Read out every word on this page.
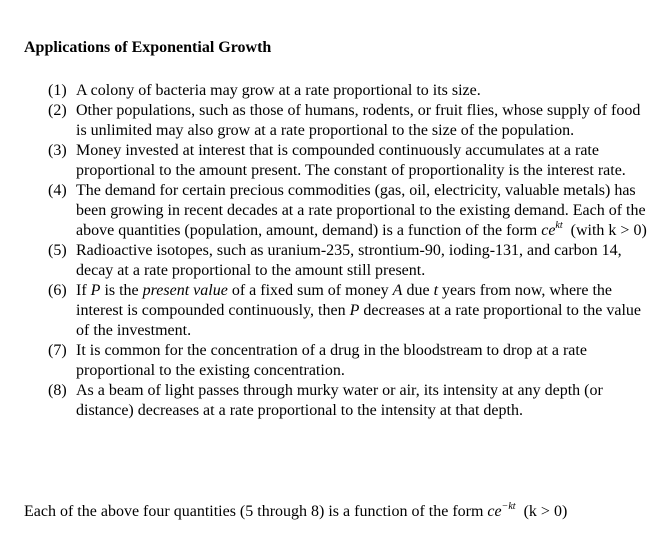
Applications of Exponential Growth
(1) A colony of bacteria may grow at a rate proportional to its size.
(2) Other populations, such as those of humans, rodents, or fruit flies, whose supply of food is unlimited may also grow at a rate proportional to the size of the population.
(3) Money invested at interest that is compounded continuously accumulates at a rate proportional to the amount present. The constant of proportionality is the interest rate.
(4) The demand for certain precious commodities (gas, oil, electricity, valuable metals) has been growing in recent decades at a rate proportional to the existing demand. Each of the above quantities (population, amount, demand) is a function of the form $ce^{kt}$ (with k > 0)
(5) Radioactive isotopes, such as uranium-235, strontium-90, ioding-131, and carbon 14, decay at a rate proportional to the amount still present.
(6) If P is the present value of a fixed sum of money A due t years from now, where the interest is compounded continuously, then P decreases at a rate proportional to the value of the investment.
(7) It is common for the concentration of a drug in the bloodstream to drop at a rate proportional to the existing concentration.
(8) As a beam of light passes through murky water or air, its intensity at any depth (or distance) decreases at a rate proportional to the intensity at that depth.
Each of the above four quantities (5 through 8) is a function of the form $ce^{-kt}$ (k > 0)
